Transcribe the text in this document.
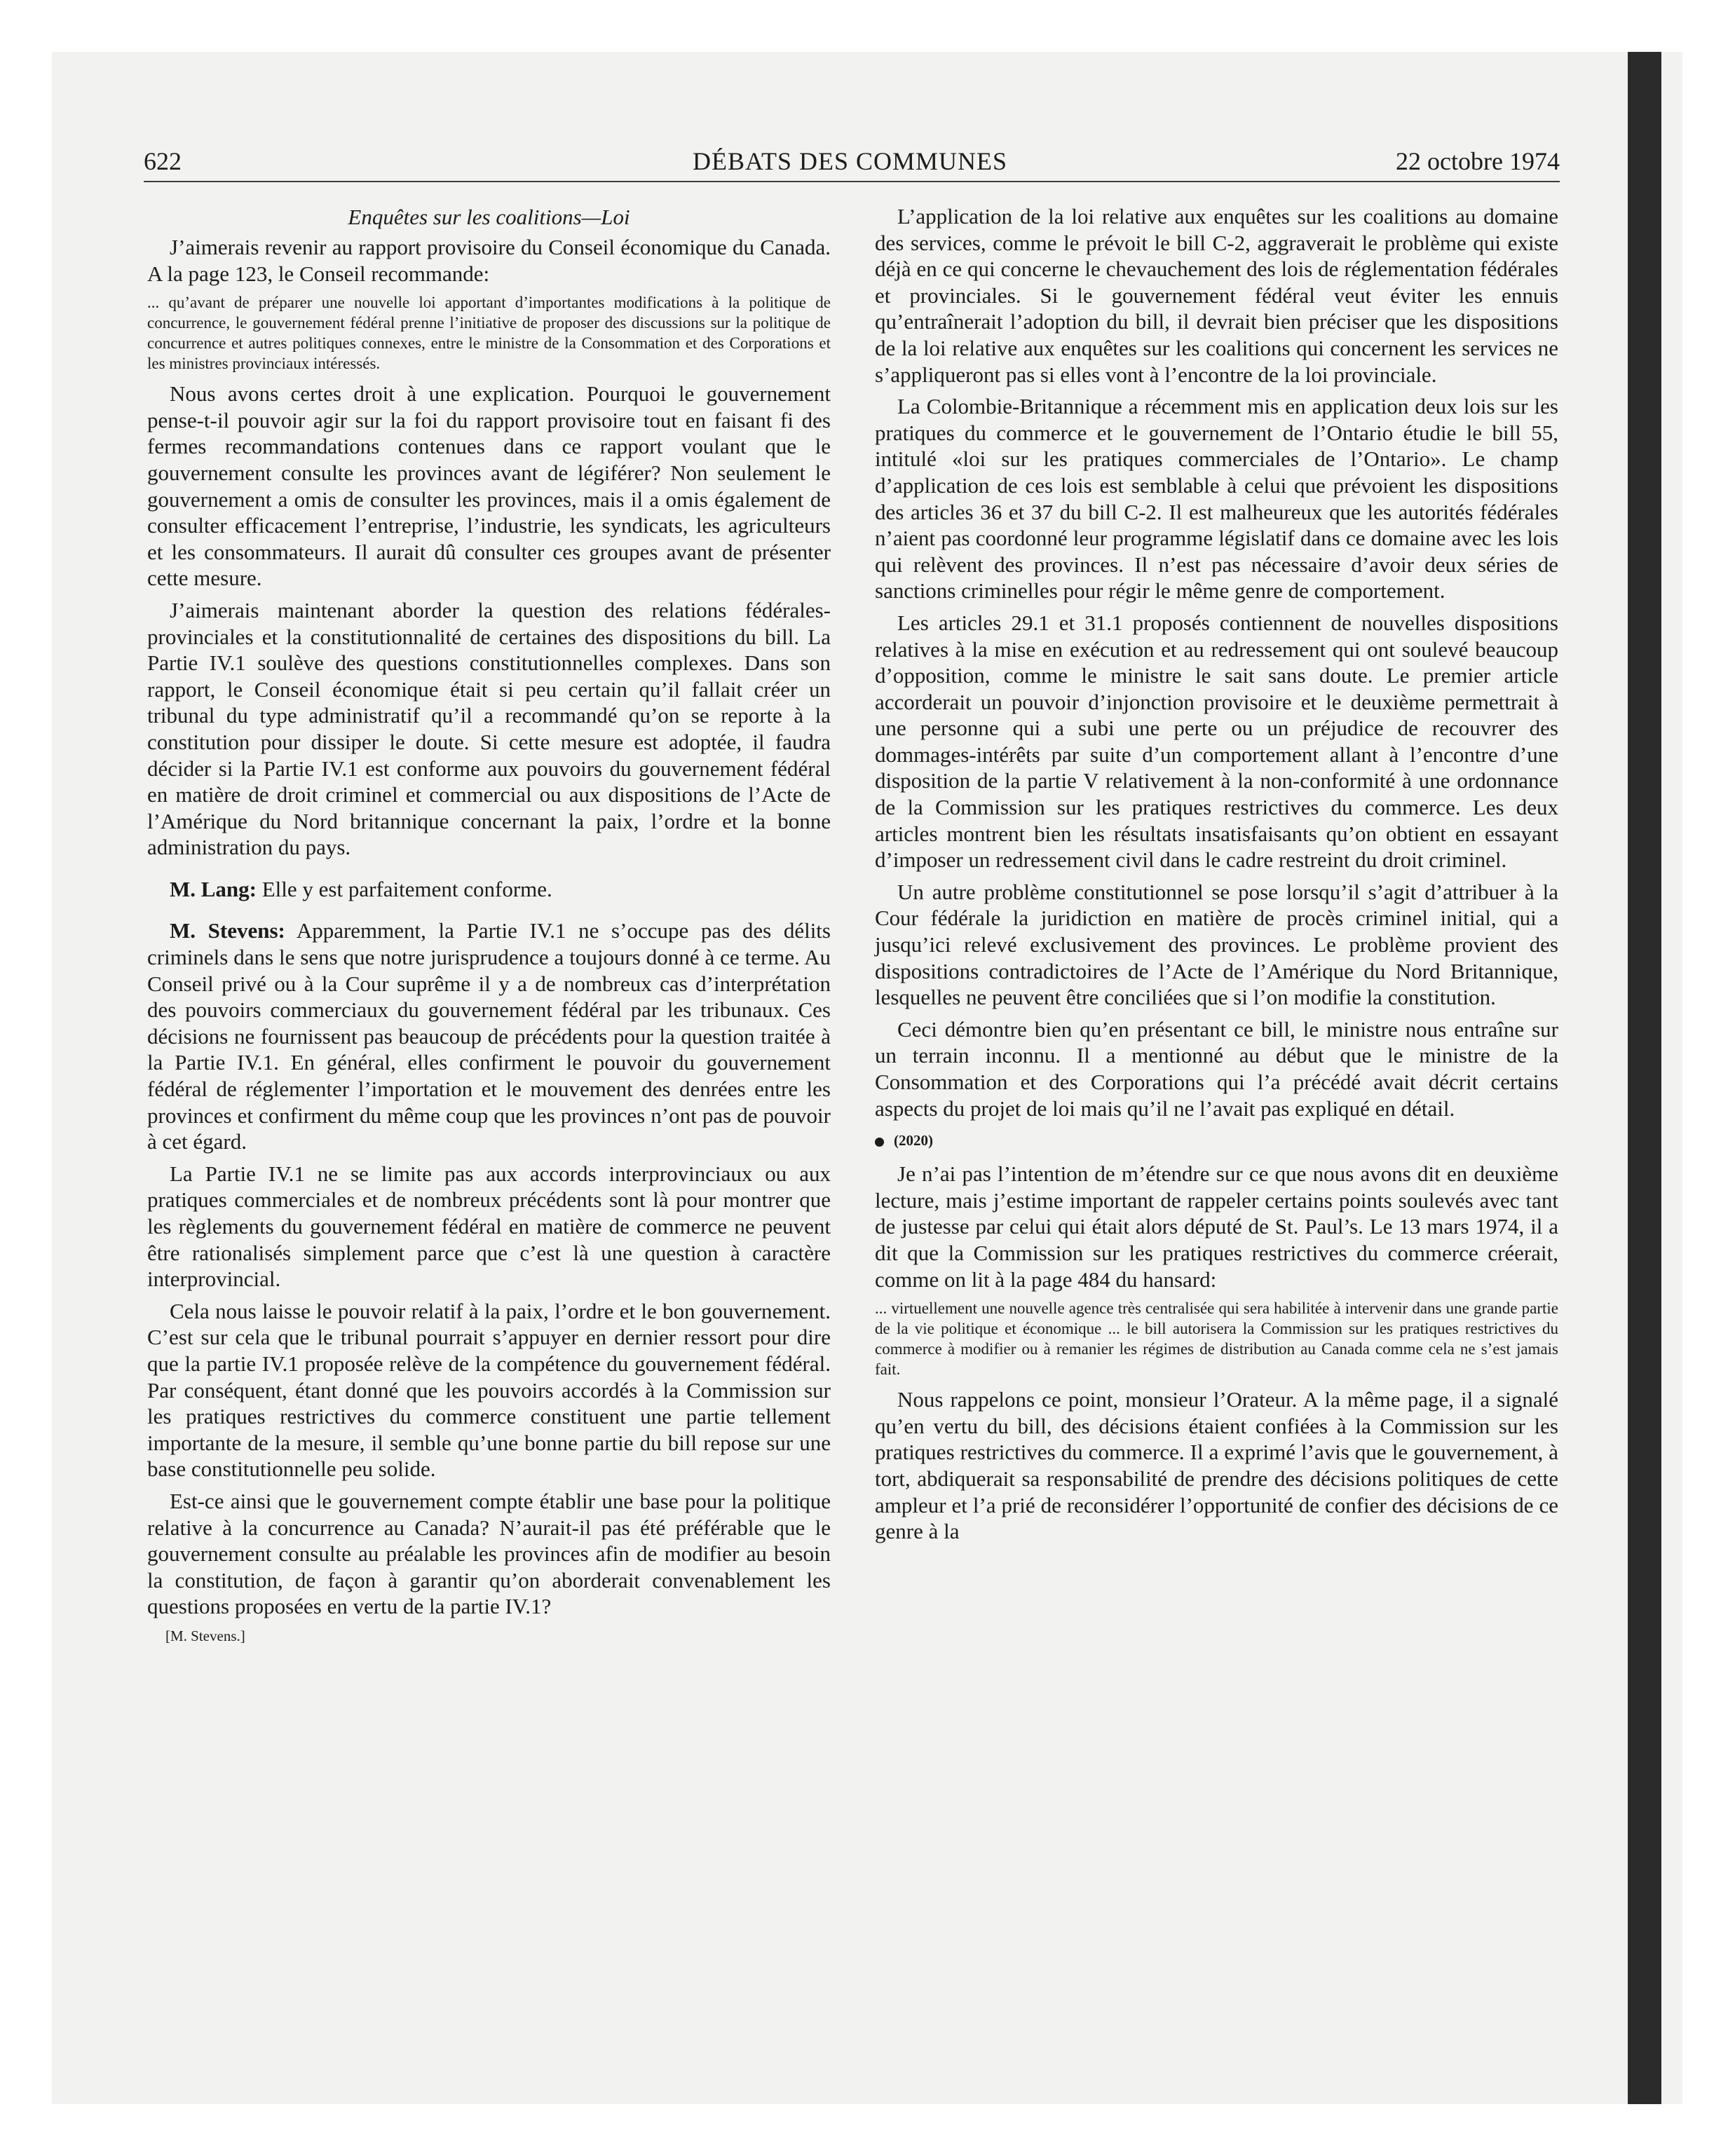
622	DÉBATS DES COMMUNES	22 octobre 1974
Enquêtes sur les coalitions—Loi

J’aimerais revenir au rapport provisoire du Conseil économique du Canada. A la page 123, le Conseil recommande:

... qu’avant de préparer une nouvelle loi apportant d’importantes modifications à la politique de concurrence, le gouvernement fédéral prenne l’initiative de proposer des discussions sur la politique de concurrence et autres politiques connexes, entre le ministre de la Consommation et des Corporations et les ministres provinciaux intéressés.

Nous avons certes droit à une explication. Pourquoi le gouvernement pense-t-il pouvoir agir sur la foi du rapport provisoire tout en faisant fi des fermes recommandations contenues dans ce rapport voulant que le gouvernement consulte les provinces avant de légiférer? Non seulement le gouvernement a omis de consulter les provinces, mais il a omis également de consulter efficacement l’entreprise, l’industrie, les syndicats, les agriculteurs et les consommateurs. Il aurait dû consulter ces groupes avant de présenter cette mesure.

J’aimerais maintenant aborder la question des relations fédérales-provinciales et la constitutionnalité de certaines des dispositions du bill. La Partie IV.1 soulève des questions constitutionnelles complexes. Dans son rapport, le Conseil économique était si peu certain qu’il fallait créer un tribunal du type administratif qu’il a recommandé qu’on se reporte à la constitution pour dissiper le doute. Si cette mesure est adoptée, il faudra décider si la Partie IV.1 est conforme aux pouvoirs du gouvernement fédéral en matière de droit criminel et commercial ou aux dispositions de l’Acte de l’Amérique du Nord britannique concernant la paix, l’ordre et la bonne administration du pays.

M. Lang: Elle y est parfaitement conforme.

M. Stevens: Apparemment, la Partie IV.1 ne s’occupe pas des délits criminels dans le sens que notre jurisprudence a toujours donné à ce terme. Au Conseil privé ou à la Cour suprême il y a de nombreux cas d’interprétation des pouvoirs commerciaux du gouvernement fédéral par les tribunaux. Ces décisions ne fournissent pas beaucoup de précédents pour la question traitée à la Partie IV.1. En général, elles confirment le pouvoir du gouvernement fédéral de réglementer l’importation et le mouvement des denrées entre les provinces et confirment du même coup que les provinces n’ont pas de pouvoir à cet égard.

La Partie IV.1 ne se limite pas aux accords interprovinciaux ou aux pratiques commerciales et de nombreux précédents sont là pour montrer que les règlements du gouvernement fédéral en matière de commerce ne peuvent être rationalisés simplement parce que c’est là une question à caractère interprovincial.

Cela nous laisse le pouvoir relatif à la paix, l’ordre et le bon gouvernement. C’est sur cela que le tribunal pourrait s’appuyer en dernier ressort pour dire que la partie IV.1 proposée relève de la compétence du gouvernement fédéral. Par conséquent, étant donné que les pouvoirs accordés à la Commission sur les pratiques restrictives du commerce constituent une partie tellement importante de la mesure, il semble qu’une bonne partie du bill repose sur une base constitutionnelle peu solide.

Est-ce ainsi que le gouvernement compte établir une base pour la politique relative à la concurrence au Canada? N’aurait-il pas été préférable que le gouvernement consulte au préalable les provinces afin de modifier au besoin la constitution, de façon à garantir qu’on aborderait convenablement les questions proposées en vertu de la partie IV.1?

[M. Stevens.]

L’application de la loi relative aux enquêtes sur les coalitions au domaine des services, comme le prévoit le bill C-2, aggraverait le problème qui existe déjà en ce qui concerne le chevauchement des lois de réglementation fédérales et provinciales. Si le gouvernement fédéral veut éviter les ennuis qu’entraînerait l’adoption du bill, il devrait bien préciser que les dispositions de la loi relative aux enquêtes sur les coalitions qui concernent les services ne s’appliqueront pas si elles vont à l’encontre de la loi provinciale.

La Colombie-Britannique a récemment mis en application deux lois sur les pratiques du commerce et le gouvernement de l’Ontario étudie le bill 55, intitulé «loi sur les pratiques commerciales de l’Ontario». Le champ d’application de ces lois est semblable à celui que prévoient les dispositions des articles 36 et 37 du bill C-2. Il est malheureux que les autorités fédérales n’aient pas coordonné leur programme législatif dans ce domaine avec les lois qui relèvent des provinces. Il n’est pas nécessaire d’avoir deux séries de sanctions criminelles pour régir le même genre de comportement.

Les articles 29.1 et 31.1 proposés contiennent de nouvelles dispositions relatives à la mise en exécution et au redressement qui ont soulevé beaucoup d’opposition, comme le ministre le sait sans doute. Le premier article accorderait un pouvoir d’injonction provisoire et le deuxième permettrait à une personne qui a subi une perte ou un préjudice de recouvrer des dommages-intérêts par suite d’un comportement allant à l’encontre d’une disposition de la partie V relativement à la non-conformité à une ordonnance de la Commission sur les pratiques restrictives du commerce. Les deux articles montrent bien les résultats insatisfaisants qu’on obtient en essayant d’imposer un redressement civil dans le cadre restreint du droit criminel.

Un autre problème constitutionnel se pose lorsqu’il s’agit d’attribuer à la Cour fédérale la juridiction en matière de procès criminel initial, qui a jusqu’ici relevé exclusivement des provinces. Le problème provient des dispositions contradictoires de l’Acte de l’Amérique du Nord Britannique, lesquelles ne peuvent être conciliées que si l’on modifie la constitution.

Ceci démontre bien qu’en présentant ce bill, le ministre nous entraîne sur un terrain inconnu. Il a mentionné au début que le ministre de la Consommation et des Corporations qui l’a précédé avait décrit certains aspects du projet de loi mais qu’il ne l’avait pas expliqué en détail.

(2020)

Je n’ai pas l’intention de m’étendre sur ce que nous avons dit en deuxième lecture, mais j’estime important de rappeler certains points soulevés avec tant de justesse par celui qui était alors député de St. Paul’s. Le 13 mars 1974, il a dit que la Commission sur les pratiques restrictives du commerce créerait, comme on lit à la page 484 du hansard:

... virtuellement une nouvelle agence très centralisée qui sera habilitée à intervenir dans une grande partie de la vie politique et économique ... le bill autorisera la Commission sur les pratiques restrictives du commerce à modifier ou à remanier les régimes de distribution au Canada comme cela ne s’est jamais fait.

Nous rappelons ce point, monsieur l’Orateur. A la même page, il a signalé qu’en vertu du bill, des décisions étaient confiées à la Commission sur les pratiques restrictives du commerce. Il a exprimé l’avis que le gouvernement, à tort, abdiquerait sa responsabilité de prendre des décisions politiques de cette ampleur et l’a prié de reconsidérer l’opportunité de confier des décisions de ce genre à la
